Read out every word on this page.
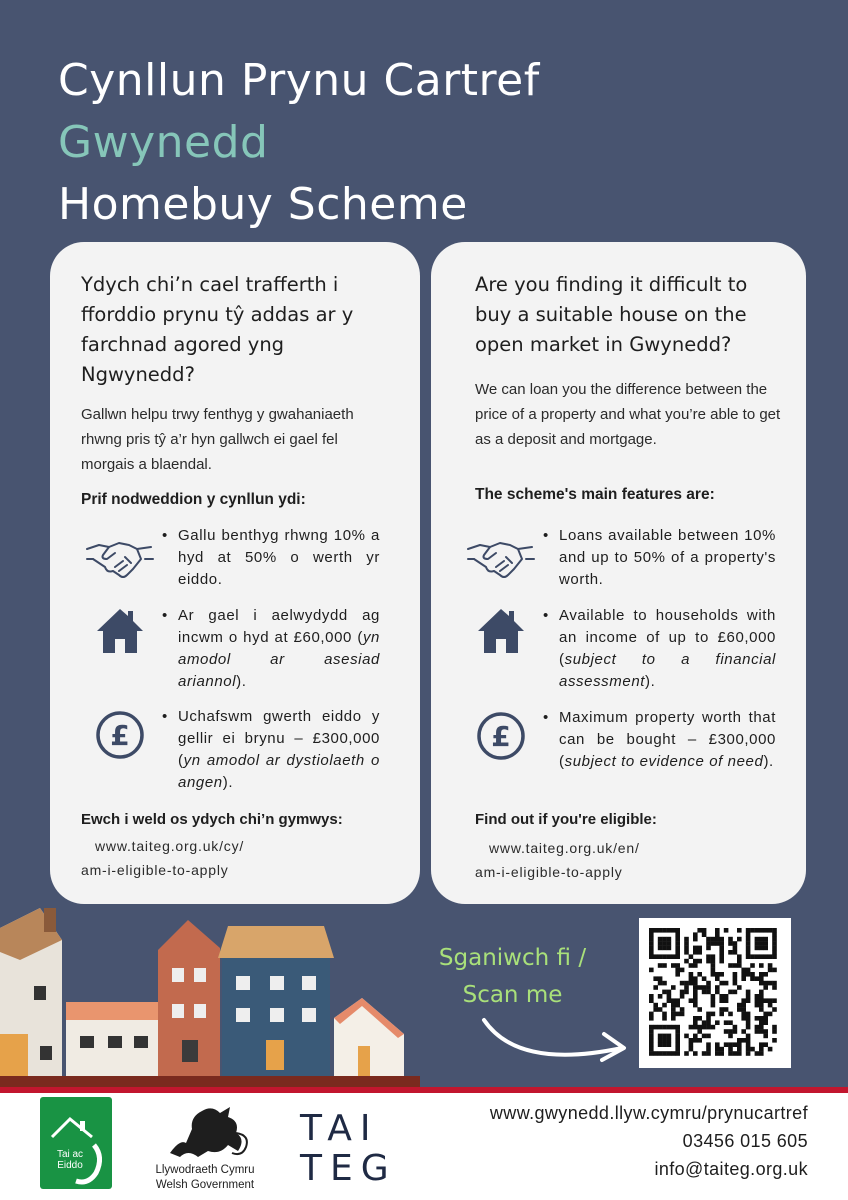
Cynllun Prynu Cartref
Gwynedd
Homebuy Scheme
Ydych chi’n cael trafferth i fforddio prynu tŷ addas ar y farchnad agored yng Ngwynedd?
Gallwn helpu trwy fenthyg y gwahaniaeth rhwng pris tŷ a’r hyn gallwch ei gael fel morgais a blaendal.
Prif nodweddion y cynllun ydi:
• Gallu benthyg rhwng 10% a hyd at 50% o werth yr eiddo.
• Ar gael i aelwydydd ag incwm o hyd at £60,000 (yn amodol ar asesiad ariannol).
£
• Uchafswm gwerth eiddo y gellir ei brynu – £300,000 (yn amodol ar dystiolaeth o angen).
Ewch i weld os ydych chi’n gymwys:
www.taiteg.org.uk/cy/
am-i-eligible-to-apply
Are you finding it difficult to buy a suitable house on the open market in Gwynedd?
We can loan you the difference between the price of a property and what you’re able to get as a deposit and mortgage.
The scheme's main features are:
• Loans available between 10% and up to 50% of a property's worth.
• Available to households with an income of up to £60,000 (subject to a financial assessment).
£
• Maximum property worth that can be bought – £300,000 (subject to evidence of need).
Find out if you're eligible:
www.taiteg.org.uk/en/
am-i-eligible-to-apply
Sganiwch fi /
Scan me
Tai ac Eiddo	Llywodraeth Cymru
Welsh Government
TAI
TEG
www.gwynedd.llyw.cymru/prynucartref
03456 015 605
info@taiteg.org.uk
